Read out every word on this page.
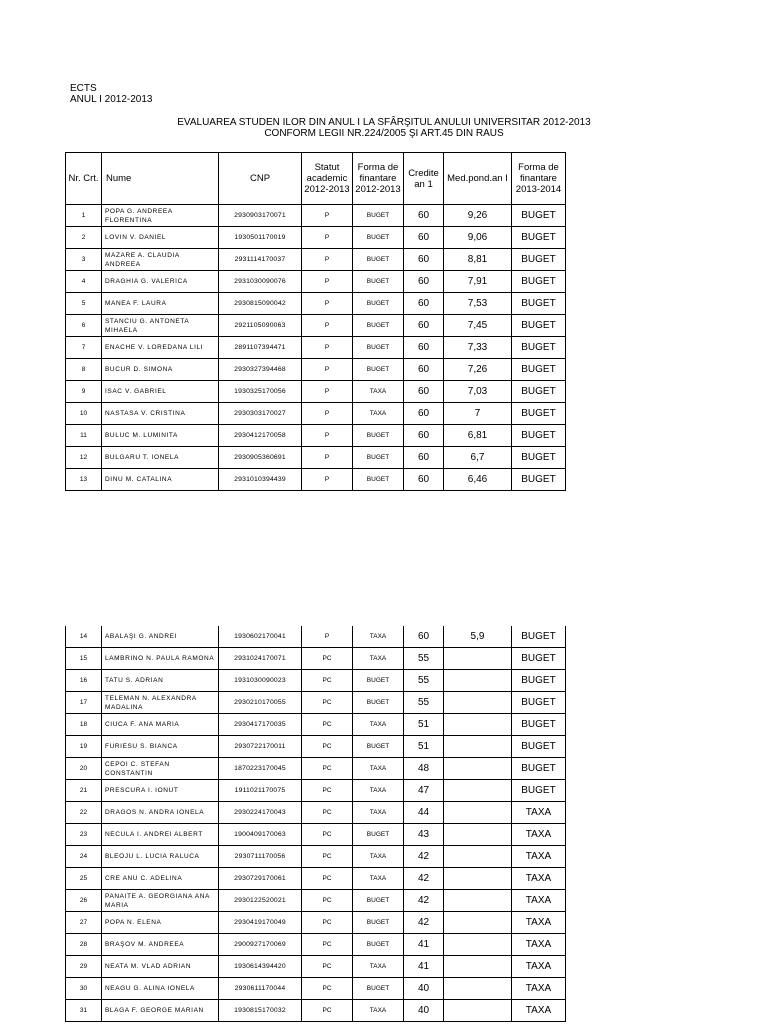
ECTS
ANUL I 2012-2013
EVALUAREA STUDEN ILOR DIN ANUL I LA SFÂRŞITUL ANULUI UNIVERSITAR 2012-2013
CONFORM LEGII NR.224/2005 ŞI ART.45 DIN RAUS
Nr. Crt.	Nume	CNP	Statut academic 2012-2013	Forma de finantare 2012-2013	Credite an 1	Med.pond.an I	Forma de finantare 2013-2014
1	POPA G. ANDREEA FLORENTINA	2930903170071	P	BUGET	60	9,26	BUGET
2	LOVIN V. DANIEL	1930501170019	P	BUGET	60	9,06	BUGET
3	MAZARE A. CLAUDIA ANDREEA	2931114170037	P	BUGET	60	8,81	BUGET
4	DRAGHIA G. VALERICA	2931030090076	P	BUGET	60	7,91	BUGET
5	MANEA F. LAURA	2930815090042	P	BUGET	60	7,53	BUGET
6	STANCIU G. ANTONETA MIHAELA	2921105090063	P	BUGET	60	7,45	BUGET
7	ENACHE V. LOREDANA LILI	2891107394471	P	BUGET	60	7,33	BUGET
8	BUCUR D. SIMONA	2930327394468	P	BUGET	60	7,26	BUGET
9	ISAC V. GABRIEL	1930325170056	P	TAXA	60	7,03	BUGET
10	NASTASA V. CRISTINA	2930303170027	P	TAXA	60	7	BUGET
11	BULUC M. LUMINITA	2930412170058	P	BUGET	60	6,81	BUGET
12	BULGARU T. IONELA	2930905360691	P	BUGET	60	6,7	BUGET
13	DINU M. CATALINA	2931010394439	P	BUGET	60	6,46	BUGET
14	ABALAŞI G. ANDREI	1930602170041	P	TAXA	60	5,9	BUGET
15	LAMBRINO N. PAULA RAMONA	2931024170071	PC	TAXA	55		BUGET
16	TATU S. ADRIAN	1931030090023	PC	BUGET	55		BUGET
17	TELEMAN N. ALEXANDRA MADALINA	2930210170055	PC	BUGET	55		BUGET
18	CIUCA F. ANA MARIA	2930417170035	PC	TAXA	51		BUGET
19	FURIESU S. BIANCA	2930722170011	PC	BUGET	51		BUGET
20	CEPOI C. STEFAN CONSTANTIN	1870223170045	PC	TAXA	48		BUGET
21	PRESCURA I. IONUT	1911021170075	PC	TAXA	47		BUGET
22	DRAGOS N. ANDRA IONELA	2930224170043	PC	TAXA	44		TAXA
23	NECULA I. ANDREI ALBERT	1900409170063	PC	BUGET	43		TAXA
24	BLEOJU L. LUCIA RALUCA	2930711170056	PC	TAXA	42		TAXA
25	CRE ANU C. ADELINA	2930729170061	PC	TAXA	42		TAXA
26	PANAITE A. GEORGIANA ANA MARIA	2930122520021	PC	BUGET	42		TAXA
27	POPA N. ELENA	2930419170049	PC	BUGET	42		TAXA
28	BRAŞOV M. ANDREEA	2900927170069	PC	BUGET	41		TAXA
29	NEATA M. VLAD ADRIAN	1930614394420	PC	TAXA	41		TAXA
30	NEAGU G. ALINA IONELA	2930611170044	PC	BUGET	40		TAXA
31	BLAGA F. GEORGE MARIAN	1930815170032	PC	TAXA	40		TAXA
